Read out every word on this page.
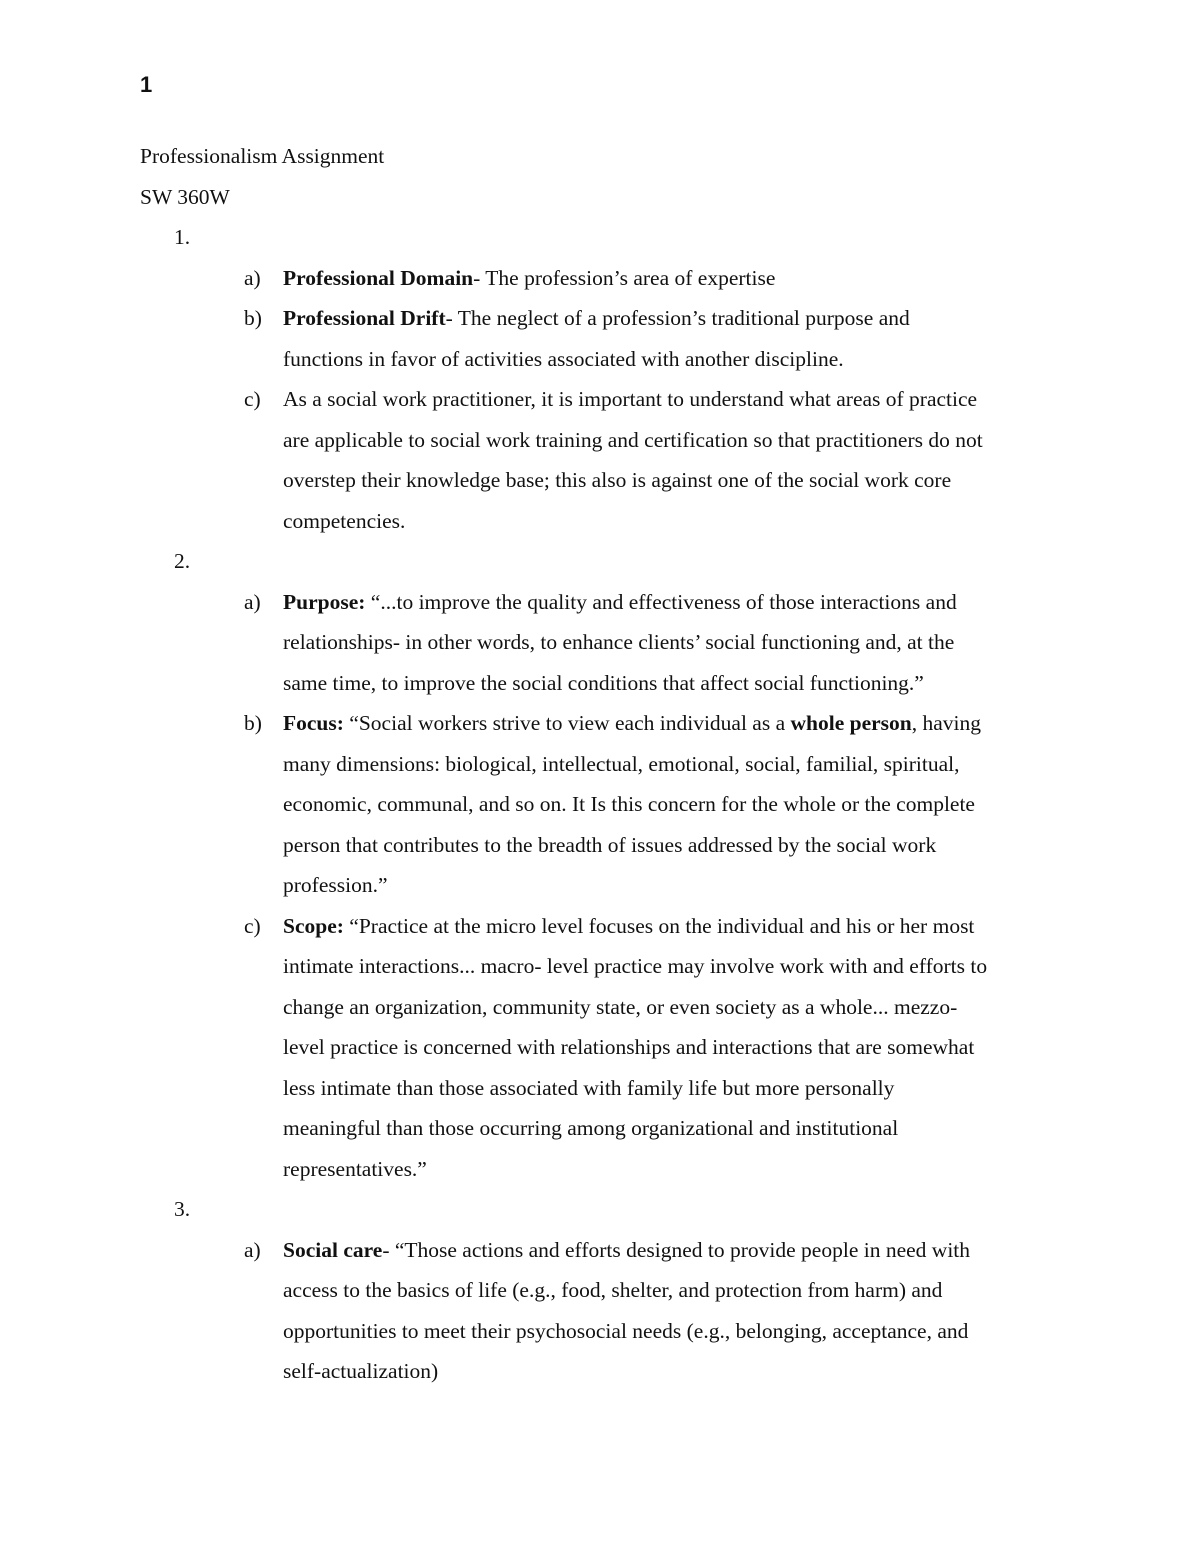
1
Professionalism Assignment
SW 360W
1.
a) Professional Domain- The profession’s area of expertise
b) Professional Drift- The neglect of a profession’s traditional purpose and
functions in favor of activities associated with another discipline.
c) As a social work practitioner, it is important to understand what areas of practice
are applicable to social work training and certification so that practitioners do not
overstep their knowledge base; this also is against one of the social work core
competencies.
2.
a) Purpose: “...to improve the quality and effectiveness of those interactions and
relationships- in other words, to enhance clients’ social functioning and, at the
same time, to improve the social conditions that affect social functioning.”
b) Focus: “Social workers strive to view each individual as a whole person, having
many dimensions: biological, intellectual, emotional, social, familial, spiritual,
economic, communal, and so on. It Is this concern for the whole or the complete
person that contributes to the breadth of issues addressed by the social work
profession.”
c) Scope: “Practice at the micro level focuses on the individual and his or her most
intimate interactions... macro- level practice may involve work with and efforts to
change an organization, community state, or even society as a whole... mezzo-
level practice is concerned with relationships and interactions that are somewhat
less intimate than those associated with family life but more personally
meaningful than those occurring among organizational and institutional
representatives.”
3.
a) Social care- “Those actions and efforts designed to provide people in need with
access to the basics of life (e.g., food, shelter, and protection from harm) and
opportunities to meet their psychosocial needs (e.g., belonging, acceptance, and
self-actualization)
